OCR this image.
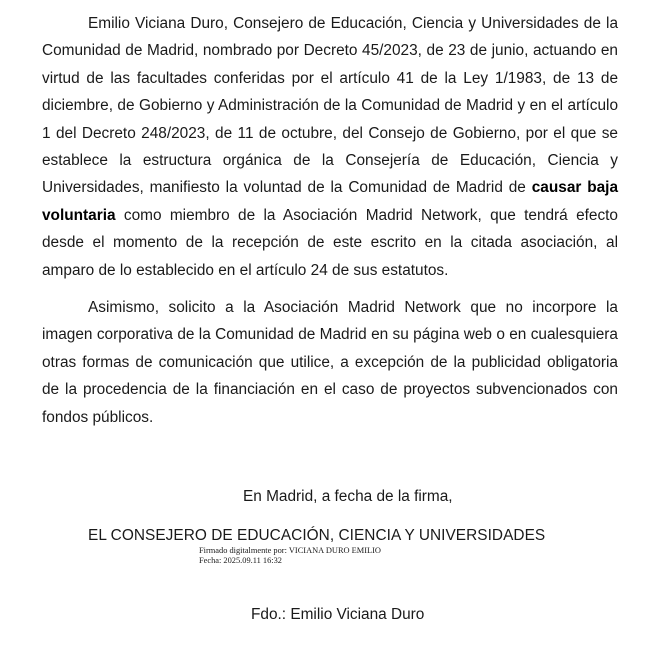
Emilio Viciana Duro, Consejero de Educación, Ciencia y Universidades de la Comunidad de Madrid, nombrado por Decreto 45/2023, de 23 de junio, actuando en virtud de las facultades conferidas por el artículo 41 de la Ley 1/1983, de 13 de diciembre, de Gobierno y Administración de la Comunidad de Madrid y en el artículo 1 del Decreto 248/2023, de 11 de octubre, del Consejo de Gobierno, por el que se establece la estructura orgánica de la Consejería de Educación, Ciencia y Universidades, manifiesto la voluntad de la Comunidad de Madrid de causar baja voluntaria como miembro de la Asociación Madrid Network, que tendrá efecto desde el momento de la recepción de este escrito en la citada asociación, al amparo de lo establecido en el artículo 24 de sus estatutos.

Asimismo, solicito a la Asociación Madrid Network que no incorpore la imagen corporativa de la Comunidad de Madrid en su página web o en cualesquiera otras formas de comunicación que utilice, a excepción de la publicidad obligatoria de la procedencia de la financiación en el caso de proyectos subvencionados con fondos públicos.

En Madrid, a fecha de la firma,
EL CONSEJERO DE EDUCACIÓN, CIENCIA Y UNIVERSIDADES
Firmado digitalmente por: VICIANA DURO EMILIO
Fecha: 2025.09.11 16:32
Fdo.: Emilio Viciana Duro
